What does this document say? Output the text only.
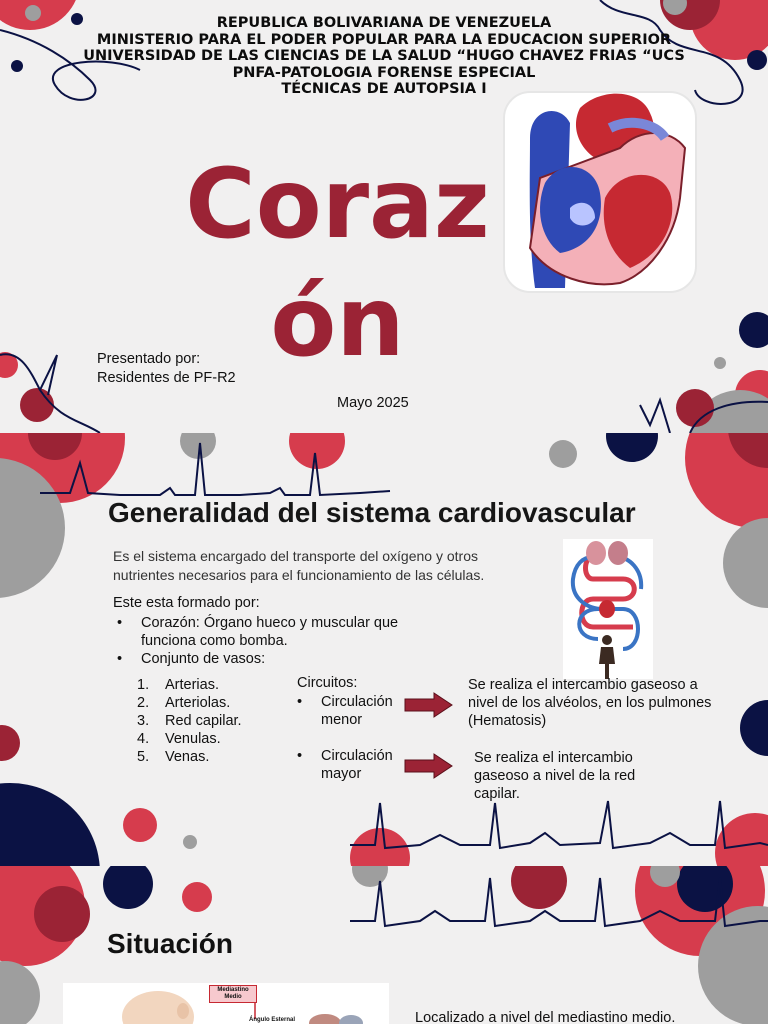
REPUBLICA BOLIVARIANA DE VENEZUELA
MINISTERIO PARA EL PODER POPULAR PARA LA EDUCACION SUPERIOR
UNIVERSIDAD DE LAS CIENCIAS DE LA SALUD “HUGO CHAVEZ FRIAS “UCS
PNFA-PATOLOGIA FORENSE ESPECIAL
TÉCNICAS DE AUTOPSIA I
Corazón
Presentado por:
Residentes de PF-R2
Mayo 2025
Generalidad del sistema cardiovascular

Es el sistema encargado del transporte del oxígeno y otros nutrientes necesarios para el funcionamiento de las células.

Este esta formado por:
• Corazón: Órgano hueco y muscular que funciona como bomba.
• Conjunto de vasos:
1. Arterias.
2. Arteriolas.
3. Red capilar.
4. Venulas.
5. Venas.
Circuitos:
• Circulación menor
• Circulación mayor
Se realiza el intercambio gaseoso a nivel de los alvéolos, en los pulmones (Hematosis)
Se realiza el intercambio gaseoso a nivel de la red capilar.
Situación
Mediastino Medio
Ángulo Esternal	Localizado a nivel del mediastino medio.
